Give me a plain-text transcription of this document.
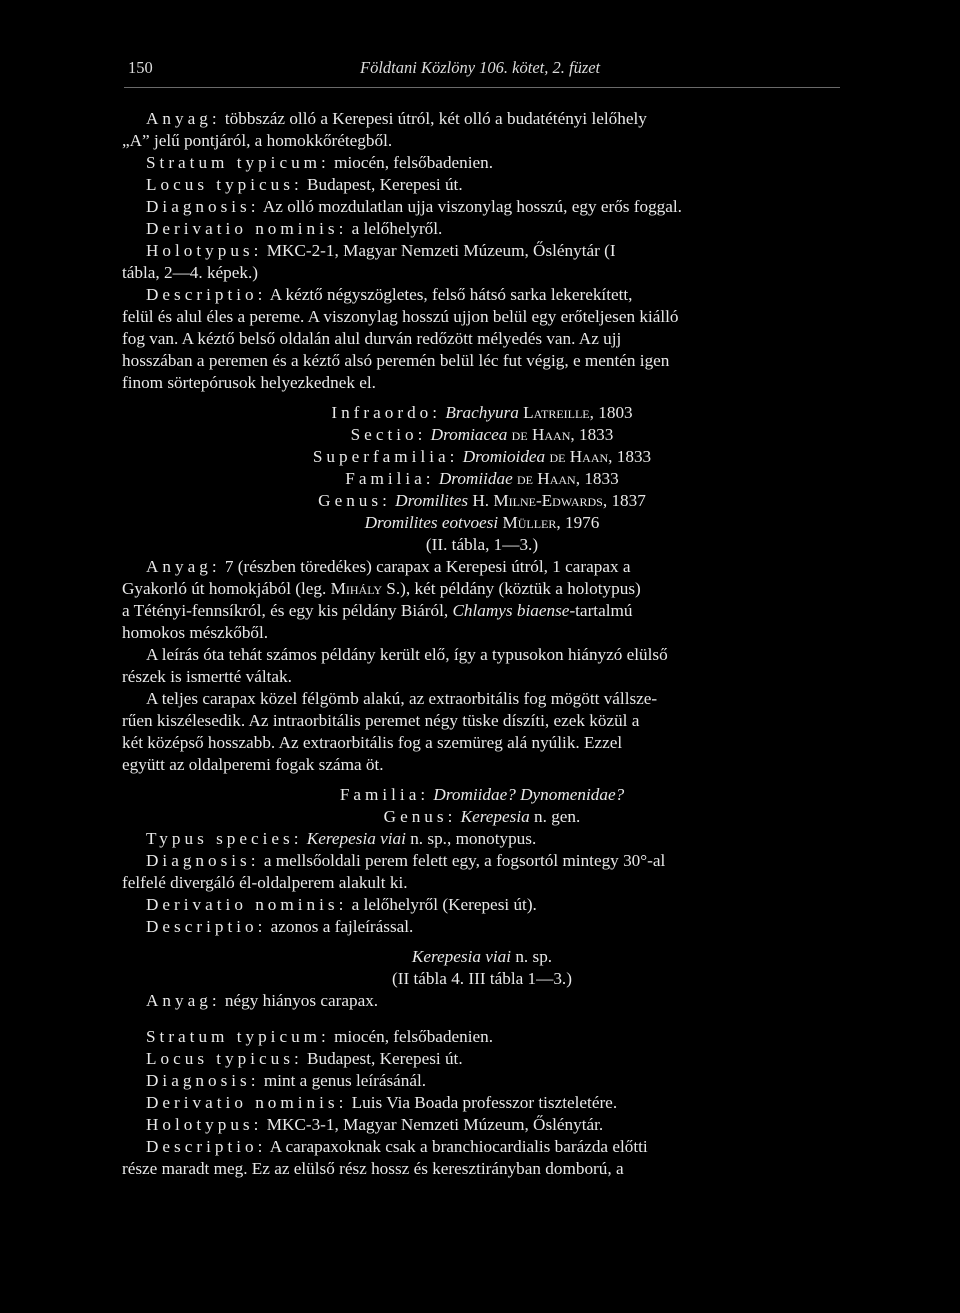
150	Földtani Közlöny 106. kötet, 2. füzet
Anyag: többszáz olló a Kerepesi útról, két olló a budatétényi lelőhely
„A” jelű pontjáról, a homokkőrétegből.
Stratum typicum: miocén, felsőbadenien.
Locus typicus: Budapest, Kerepesi út.
Diagnosis: Az olló mozdulatlan ujja viszonylag hosszú, egy erős foggal.
Derivatio nominis: a lelőhelyről.
Holotypus: MKC-2-1, Magyar Nemzeti Múzeum, Őslénytár (I
tábla, 2—4. képek.)
Descriptio: A kéztő négyszögletes, felső hátsó sarka lekerekített,
felül és alul éles a pereme. A viszonylag hosszú ujjon belül egy erőteljesen kiálló
fog van. A kéztő belső oldalán alul durván redőzött mélyedés van. Az ujj
hosszában a peremen és a kéztő alsó peremén belül léc fut végig, e mentén igen
finom sörtepórusok helyezkednek el.
Infraordo: Brachyura Latreille, 1803
Sectio: Dromiacea de Haan, 1833
Superfamilia: Dromioidea de Haan, 1833
Familia: Dromiidae de Haan, 1833
Genus: Dromilites H. Milne-Edwards, 1837
Dromilites eotvoesi Müller, 1976
(II. tábla, 1—3.)
Anyag: 7 (részben töredékes) carapax a Kerepesi útról, 1 carapax a
Gyakorló út homokjából (leg. Mihály S.), két példány (köztük a holotypus)
a Tétényi-fennsíkról, és egy kis példány Biáról, Chlamys biaense-tartalmú
homokos mészkőből.
A leírás óta tehát számos példány került elő, így a typusokon hiányzó elülső
részek is ismertté váltak.
A teljes carapax közel félgömb alakú, az extraorbitális fog mögött vállsze-
rűen kiszélesedik. Az intraorbitális peremet négy tüske díszíti, ezek közül a
két középső hosszabb. Az extraorbitális fog a szemüreg alá nyúlik. Ezzel
együtt az oldalperemi fogak száma öt.
Familia: Dromiidae? Dynomenidae?
Genus: Kerepesia n. gen.
Typus species: Kerepesia viai n. sp., monotypus.
Diagnosis: a mellsőoldali perem felett egy, a fogsortól mintegy 30°-al
felfelé divergáló él-oldalperem alakult ki.
Derivatio nominis: a lelőhelyről (Kerepesi út).
Descriptio: azonos a fajleírással.
Kerepesia viai n. sp.
(II tábla 4. III tábla 1—3.)
Anyag: négy hiányos carapax.
Stratum typicum: miocén, felsőbadenien.
Locus typicus: Budapest, Kerepesi út.
Diagnosis: mint a genus leírásánál.
Derivatio nominis: Luis Via Boada professzor tiszteletére.
Holotypus: MKC-3-1, Magyar Nemzeti Múzeum, Őslénytár.
Descriptio: A carapaxoknak csak a branchiocardialis barázda előtti
része maradt meg. Ez az elülső rész hossz és keresztirányban domború, a
